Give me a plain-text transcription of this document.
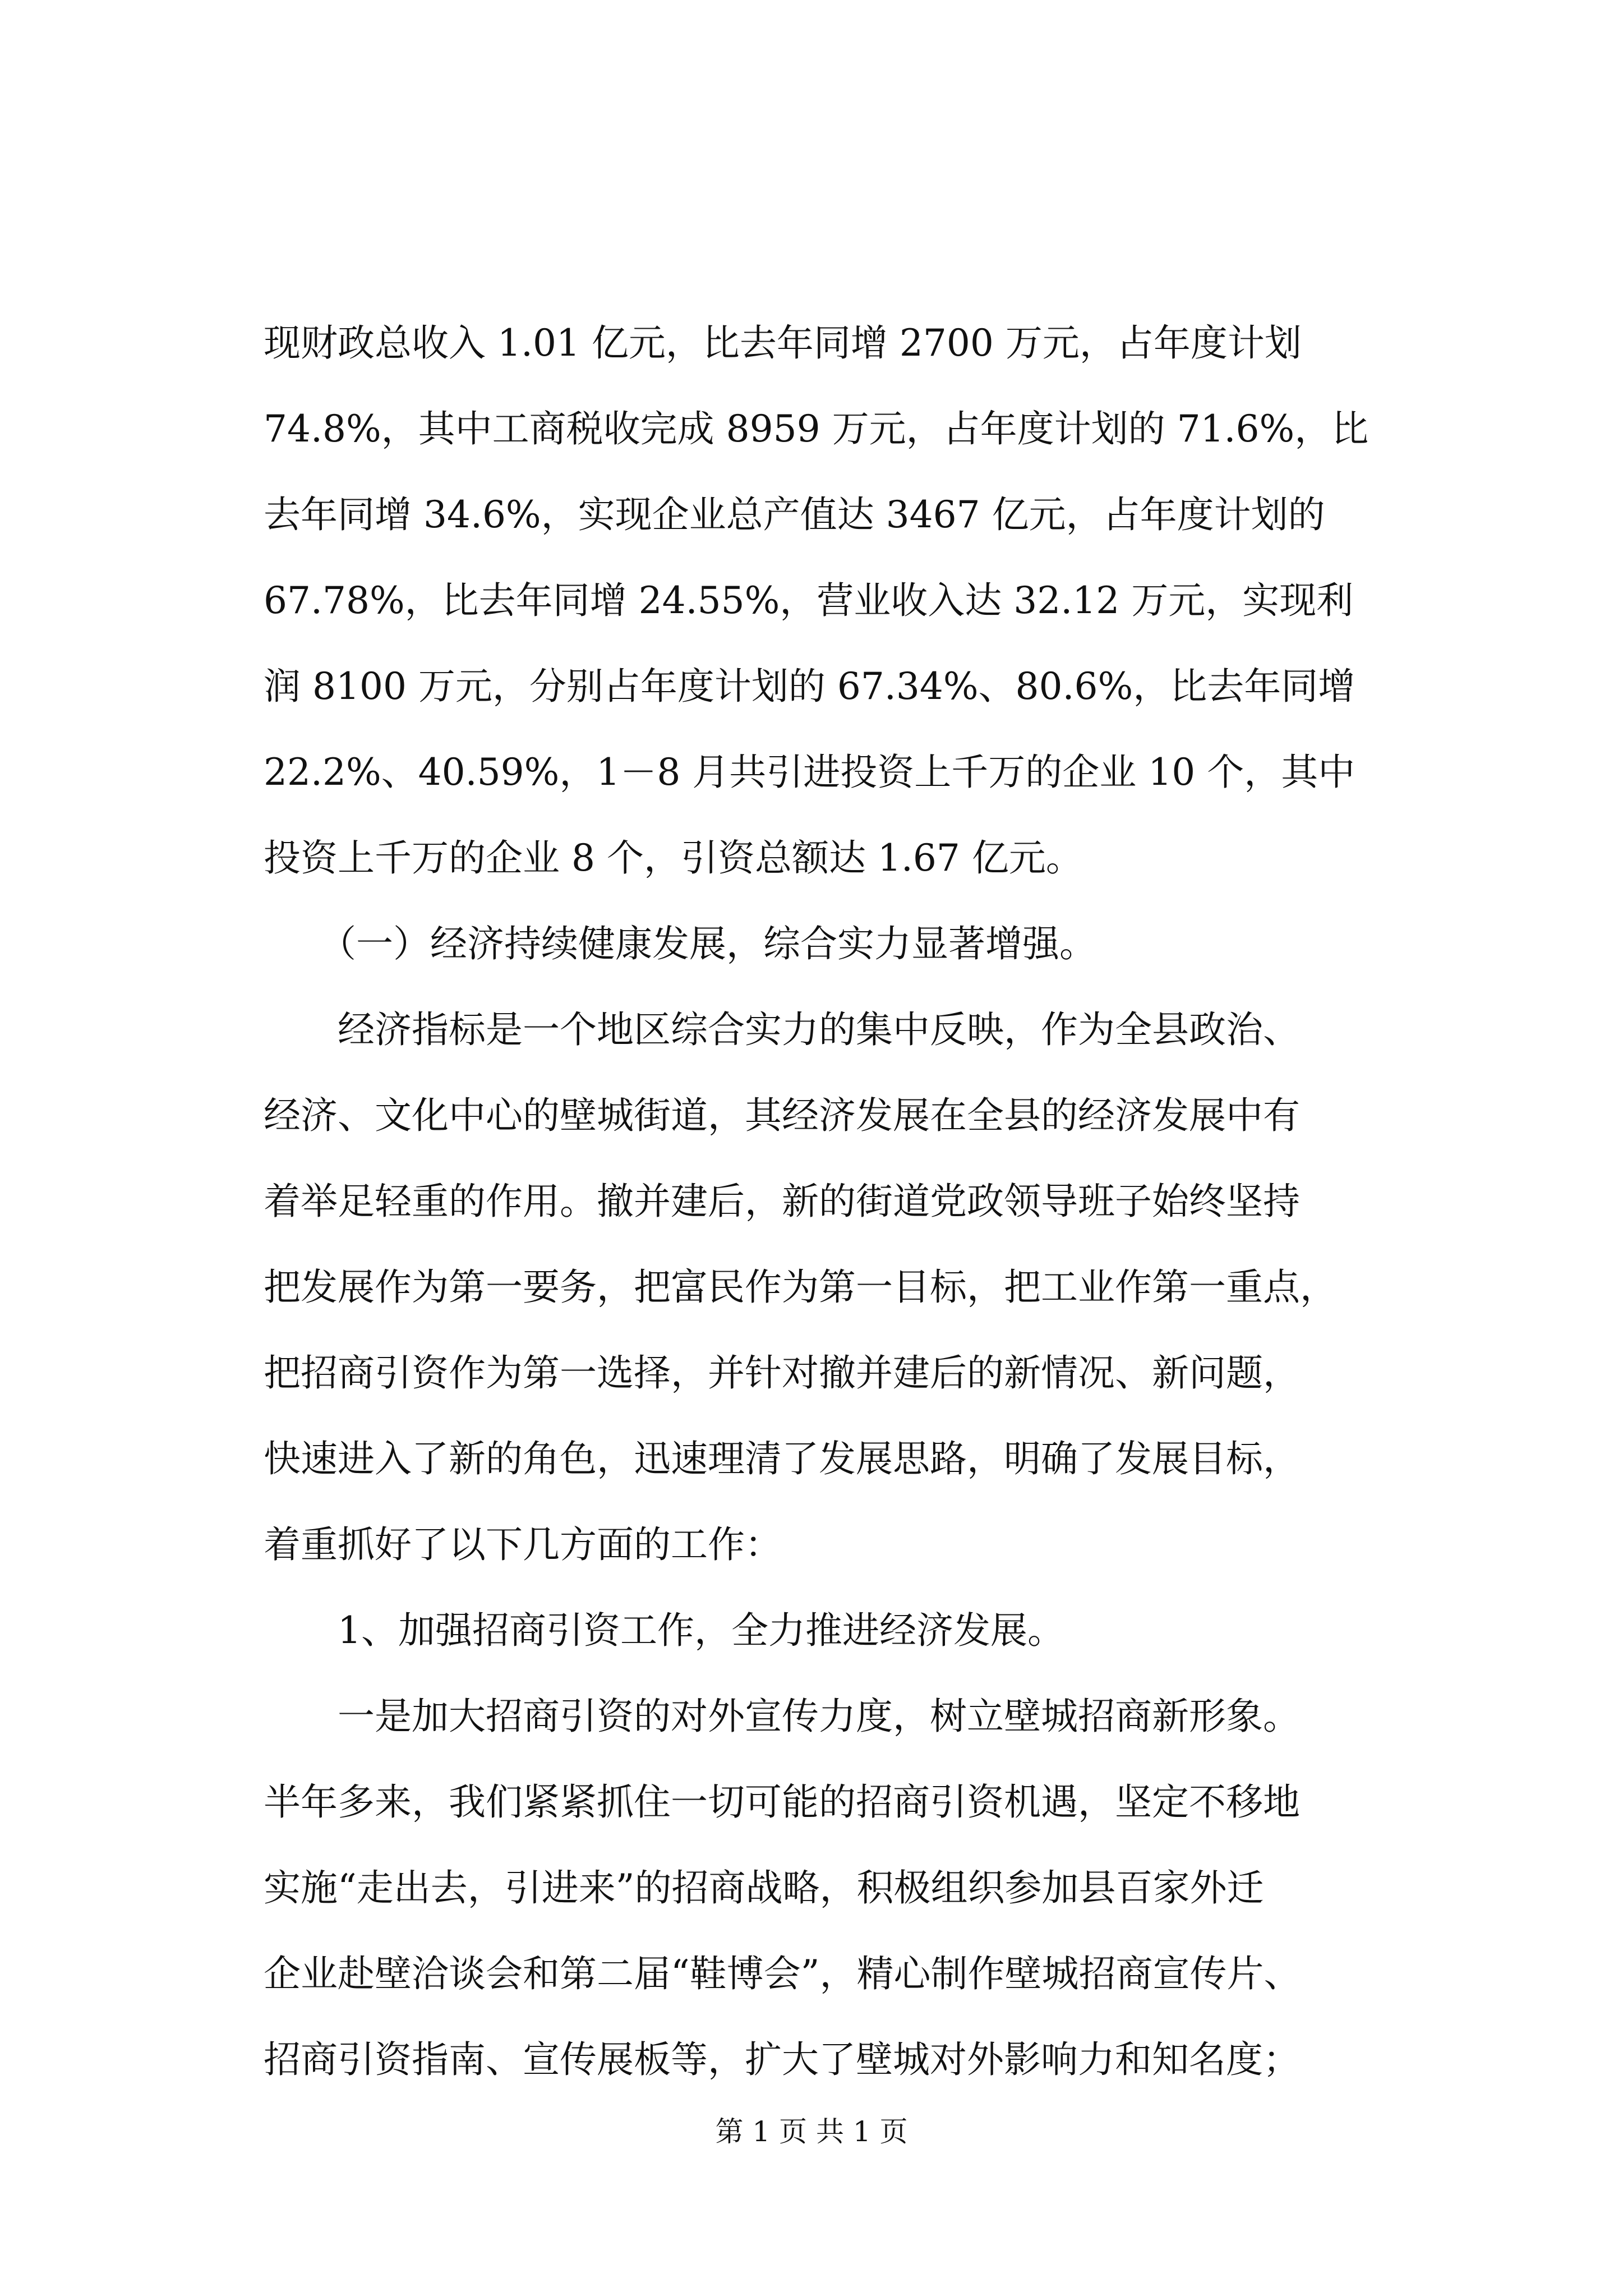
现财政总收入 1.01 亿元，比去年同增 2700 万元，占年度计划
74.8%，其中工商税收完成 8959 万元，占年度计划的 71.6%，比
去年同增 34.6%，实现企业总产值达 3467 亿元，占年度计划的
67.78%，比去年同增 24.55%，营业收入达 32.12 万元，实现利
润 8100 万元，分别占年度计划的 67.34%、80.6%，比去年同增
22.2%、40.59%，1－8 月共引进投资上千万的企业 10 个，其中
投资上千万的企业 8 个，引资总额达 1.67 亿元。
　　（一）经济持续健康发展，综合实力显著增强。
　　经济指标是一个地区综合实力的集中反映，作为全县政治、
经济、文化中心的壁城街道，其经济发展在全县的经济发展中有
着举足轻重的作用。撤并建后，新的街道党政领导班子始终坚持
把发展作为第一要务，把富民作为第一目标，把工业作第一重点，
把招商引资作为第一选择，并针对撤并建后的新情况、新问题，
快速进入了新的角色，迅速理清了发展思路，明确了发展目标，
着重抓好了以下几方面的工作：
　　1、加强招商引资工作，全力推进经济发展。
　　一是加大招商引资的对外宣传力度，树立壁城招商新形象。
半年多来，我们紧紧抓住一切可能的招商引资机遇，坚定不移地
实施“走出去，引进来”的招商战略，积极组织参加县百家外迁
企业赴壁洽谈会和第二届“鞋博会”，精心制作壁城招商宣传片、
招商引资指南、宣传展板等，扩大了壁城对外影响力和知名度；
第 1 页 共 1 页
